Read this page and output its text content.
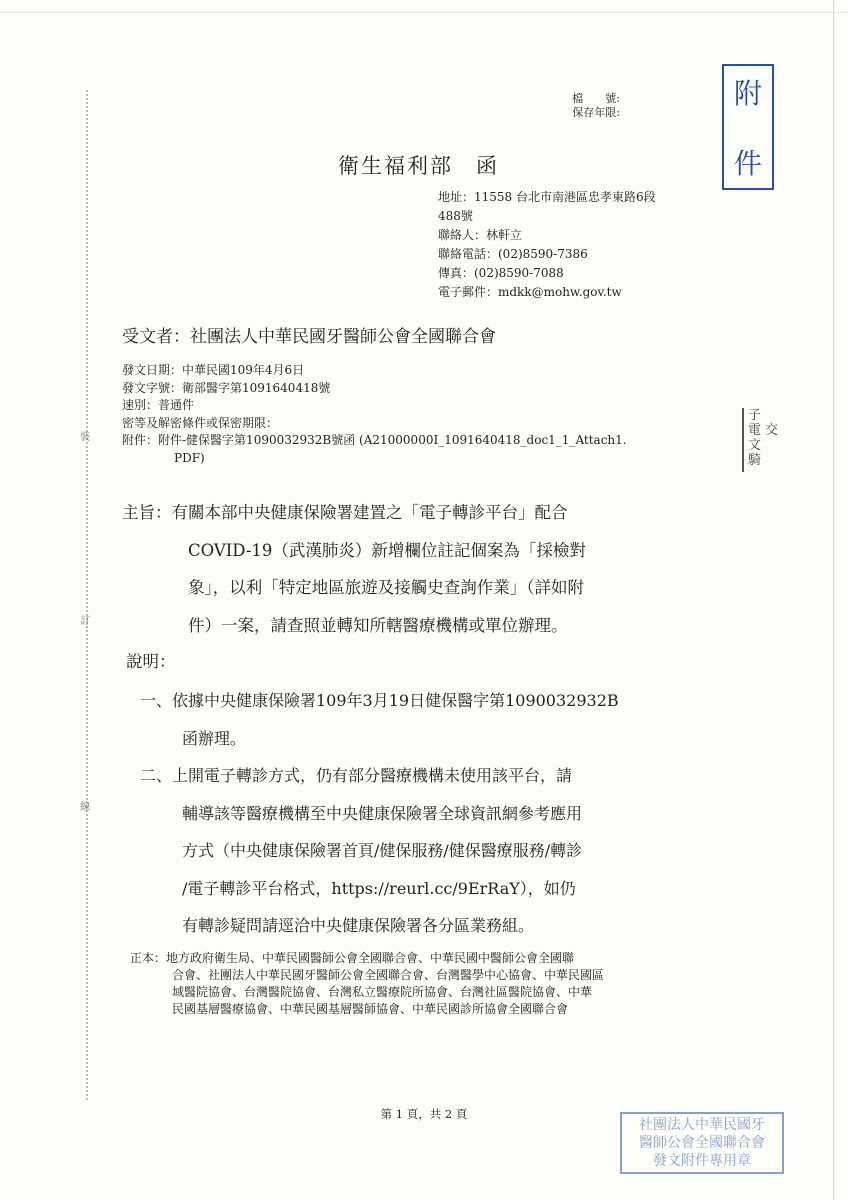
裝
訂
線
檔　　號:
保存年限:
附
件
子
電 交
文
騎
衛生福利部　函
地址：11558 台北市南港區忠孝東路6段
488號
聯絡人：林軒立
聯絡電話：(02)8590-7386
傳真：(02)8590-7088
電子郵件：mdkk@mohw.gov.tw
受文者：社團法人中華民國牙醫師公會全國聯合會
發文日期：中華民國109年4月6日
發文字號：衛部醫字第1091640418號
速別：普通件
密等及解密條件或保密期限：
附件：附件-健保醫字第1090032932B號函 (A21000000I_1091640418_doc1_1_Attach1.
PDF)
主旨：有關本部中央健康保險署建置之「電子轉診平台」配合
COVID-19（武漢肺炎）新增欄位註記個案為「採檢對
象」，以利「特定地區旅遊及接觸史查詢作業」（詳如附
件）一案，請查照並轉知所轄醫療機構或單位辦理。
說明：
一、依據中央健康保險署109年3月19日健保醫字第1090032932B
函辦理。
二、上開電子轉診方式，仍有部分醫療機構未使用該平台，請
輔導該等醫療機構至中央健康保險署全球資訊網參考應用
方式（中央健康保險署首頁/健保服務/健保醫療服務/轉診
/電子轉診平台格式，https://reurl.cc/9ErRaY），如仍
有轉診疑問請逕洽中央健康保險署各分區業務組。
正本：地方政府衛生局、中華民國醫師公會全國聯合會、中華民國中醫師公會全國聯
合會、社團法人中華民國牙醫師公會全國聯合會、台灣醫學中心協會、中華民國區
域醫院協會、台灣醫院協會、台灣私立醫療院所協會、台灣社區醫院協會、中華
民國基層醫療協會、中華民國基層醫師協會、中華民國診所協會全國聯合會
第 1 頁，共 2 頁
社團法人中華民國牙
醫師公會全國聯合會
發文附件專用章
